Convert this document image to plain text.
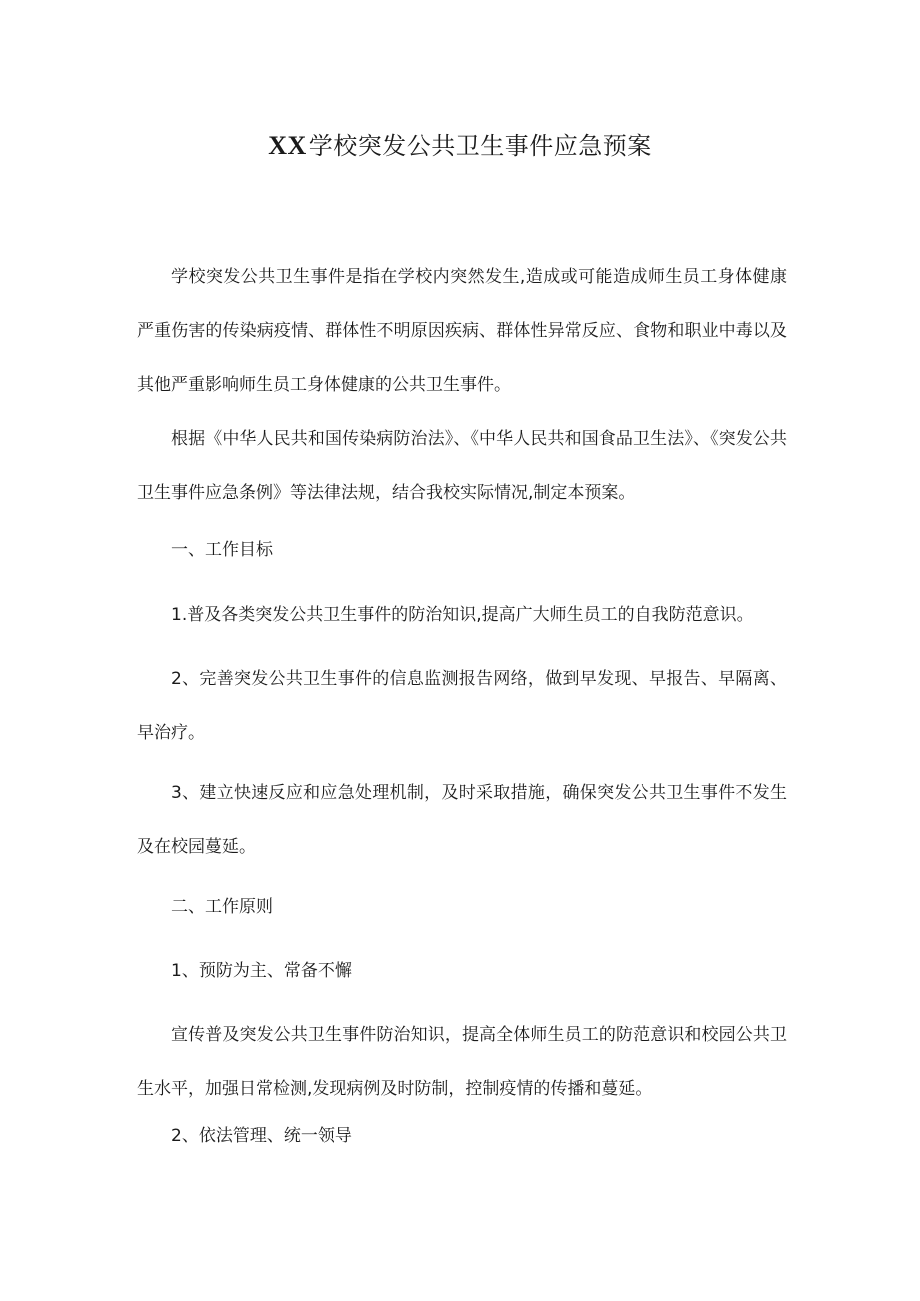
XX学校突发公共卫生事件应急预案

学校突发公共卫生事件是指在学校内突然发生,造成或可能造成师生员工身体健康严重伤害的传染病疫情、群体性不明原因疾病、群体性异常反应、食物和职业中毒以及其他严重影响师生员工身体健康的公共卫生事件。

根据《中华人民共和国传染病防治法》、《中华人民共和国食品卫生法》、《突发公共卫生事件应急条例》等法律法规，结合我校实际情况,制定本预案。

一、工作目标

1.普及各类突发公共卫生事件的防治知识,提高广大师生员工的自我防范意识。

2、完善突发公共卫生事件的信息监测报告网络，做到早发现、早报告、早隔离、早治疗。

3、建立快速反应和应急处理机制，及时采取措施，确保突发公共卫生事件不发生及在校园蔓延。

二、工作原则

1、预防为主、常备不懈

宣传普及突发公共卫生事件防治知识，提高全体师生员工的防范意识和校园公共卫生水平，加强日常检测,发现病例及时防制，控制疫情的传播和蔓延。

2、依法管理、统一领导
